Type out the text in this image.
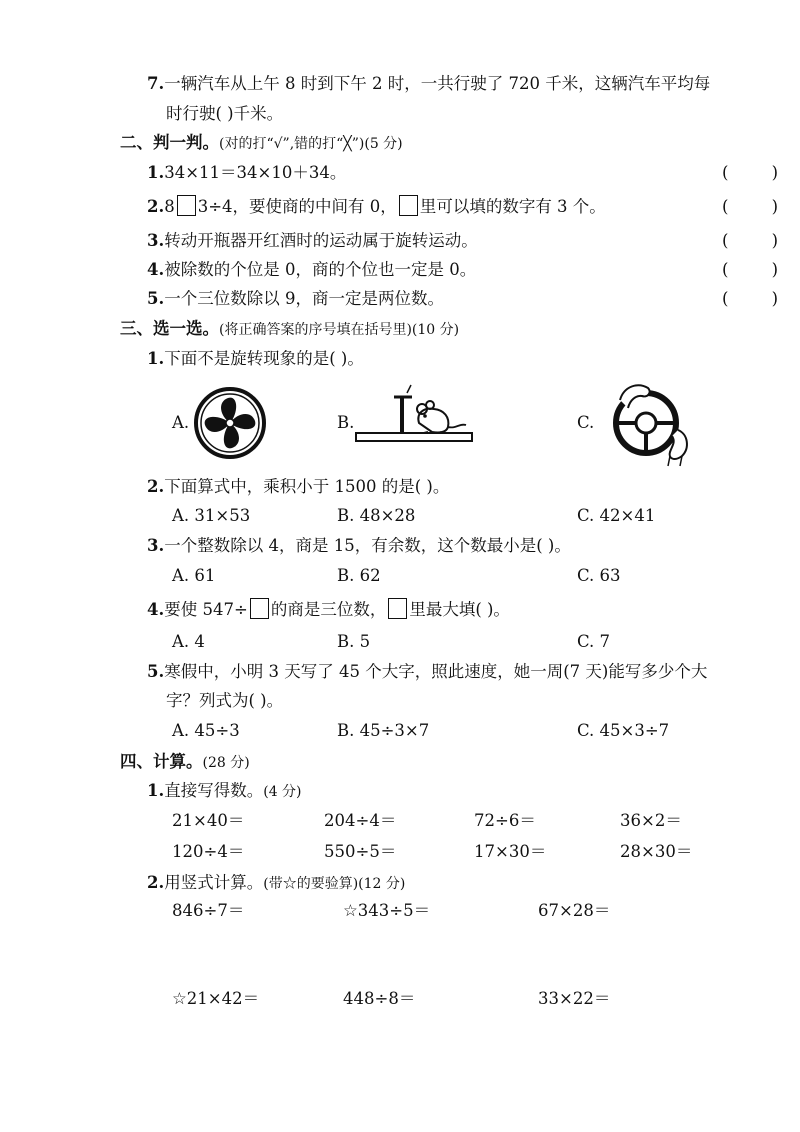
7.一辆汽车从上午 8 时到下午 2 时，一共行驶了 720 千米，这辆汽车平均每
时行驶( )千米。
二、判一判。(对的打“√”,错的打“╳”)(5 分)
1.34×11＝34×10＋34。	(	)
2.8 3÷4，要使商的中间有 0， 里可以填的数字有 3 个。	(	)
3.转动开瓶器开红酒时的运动属于旋转运动。	(	)
4.被除数的个位是 0，商的个位也一定是 0。	(	)
5.一个三位数除以 9，商一定是两位数。	(	)
三、选一选。(将正确答案的序号填在括号里)(10 分)
1.下面不是旋转现象的是( )。
A.	B.	C.
2.下面算式中，乘积小于 1500 的是( )。
A. 31×53	B. 48×28	C. 42×41
3.一个整数除以 4，商是 15，有余数，这个数最小是( )。
A. 61	B. 62	C. 63
4.要使 547÷ 的商是三位数， 里最大填( )。
A. 4	B. 5	C. 7
5.寒假中，小明 3 天写了 45 个大字，照此速度，她一周(7 天)能写多少个大
字？列式为( )。
A. 45÷3	B. 45÷3×7	C. 45×3÷7
四、计算。(28 分)
1.直接写得数。(4 分)
21×40＝	204÷4＝	72÷6＝	36×2＝
120÷4＝	550÷5＝	17×30＝	28×30＝
2.用竖式计算。(带☆的要验算)(12 分)
846÷7＝	☆343÷5＝	67×28＝
☆21×42＝	448÷8＝	33×22＝
